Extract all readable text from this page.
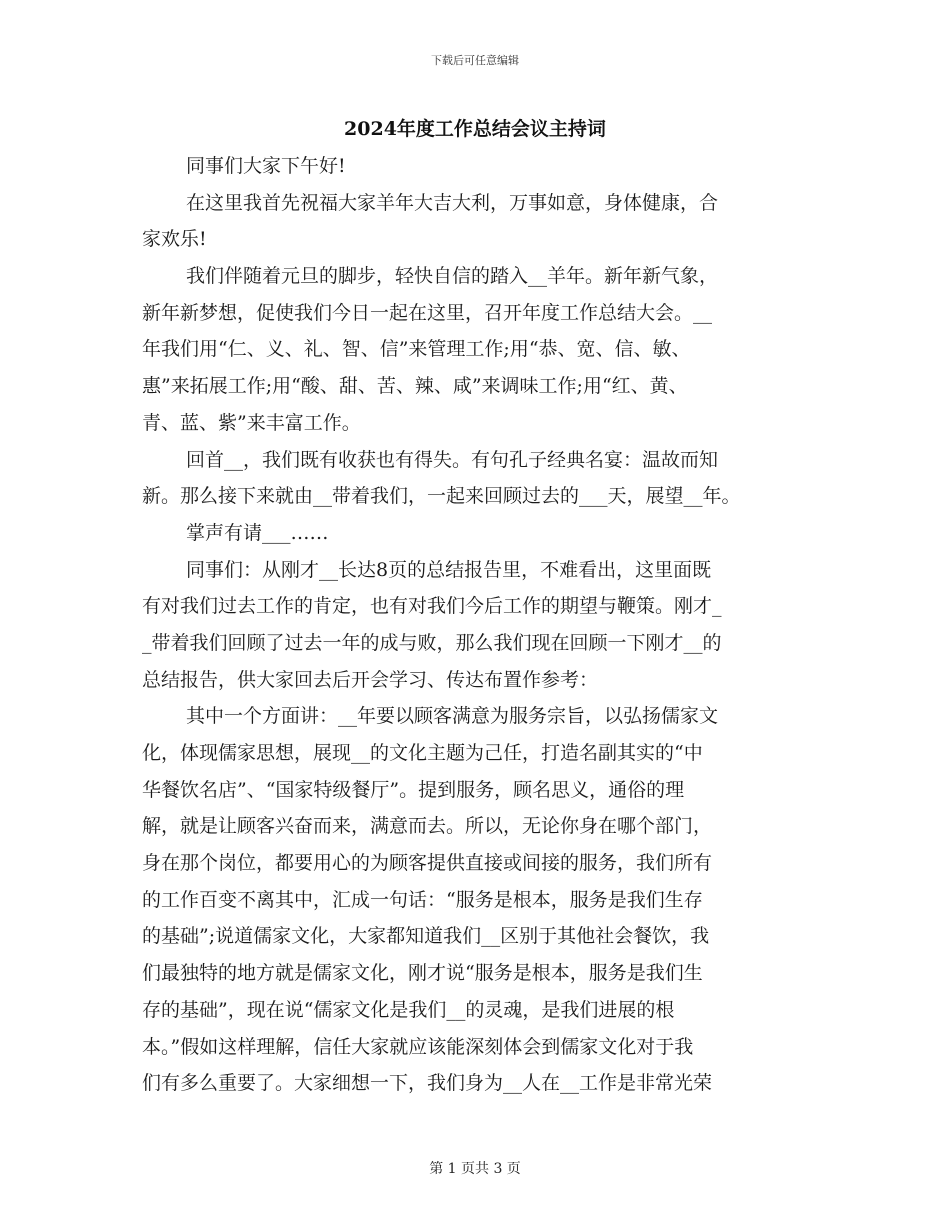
下载后可任意编辑
2024年度工作总结会议主持词
同事们大家下午好!
在这里我首先祝福大家羊年大吉大利，万事如意，身体健康，合
家欢乐!
我们伴随着元旦的脚步，轻快自信的踏入__羊年。新年新气象，
新年新梦想，促使我们今日一起在这里，召开年度工作总结大会。__
年我们用“仁、义、礼、智、信”来管理工作;用“恭、宽、信、敏、
惠”来拓展工作;用“酸、甜、苦、辣、咸”来调味工作;用“红、黄、
青、蓝、紫”来丰富工作。
回首__，我们既有收获也有得失。有句孔子经典名宴：温故而知
新。那么接下来就由__带着我们，一起来回顾过去的___天，展望__年。
掌声有请___……
同事们：从刚才__长达8页的总结报告里，不难看出，这里面既
有对我们过去工作的肯定，也有对我们今后工作的期望与鞭策。刚才_
_带着我们回顾了过去一年的成与败，那么我们现在回顾一下刚才__的
总结报告，供大家回去后开会学习、传达布置作参考：
其中一个方面讲：__年要以顾客满意为服务宗旨，以弘扬儒家文
化，体现儒家思想，展现__的文化主题为己任，打造名副其实的“中
华餐饮名店”、“国家特级餐厅”。提到服务，顾名思义，通俗的理
解，就是让顾客兴奋而来，满意而去。所以，无论你身在哪个部门，
身在那个岗位，都要用心的为顾客提供直接或间接的服务，我们所有
的工作百变不离其中，汇成一句话：“服务是根本，服务是我们生存
的基础”;说道儒家文化，大家都知道我们__区别于其他社会餐饮，我
们最独特的地方就是儒家文化，刚才说“服务是根本，服务是我们生
存的基础”，现在说“儒家文化是我们__的灵魂，是我们进展的根
本。”假如这样理解，信任大家就应该能深刻体会到儒家文化对于我
们有多么重要了。大家细想一下，我们身为__人在__工作是非常光荣
第 1 页共 3 页
